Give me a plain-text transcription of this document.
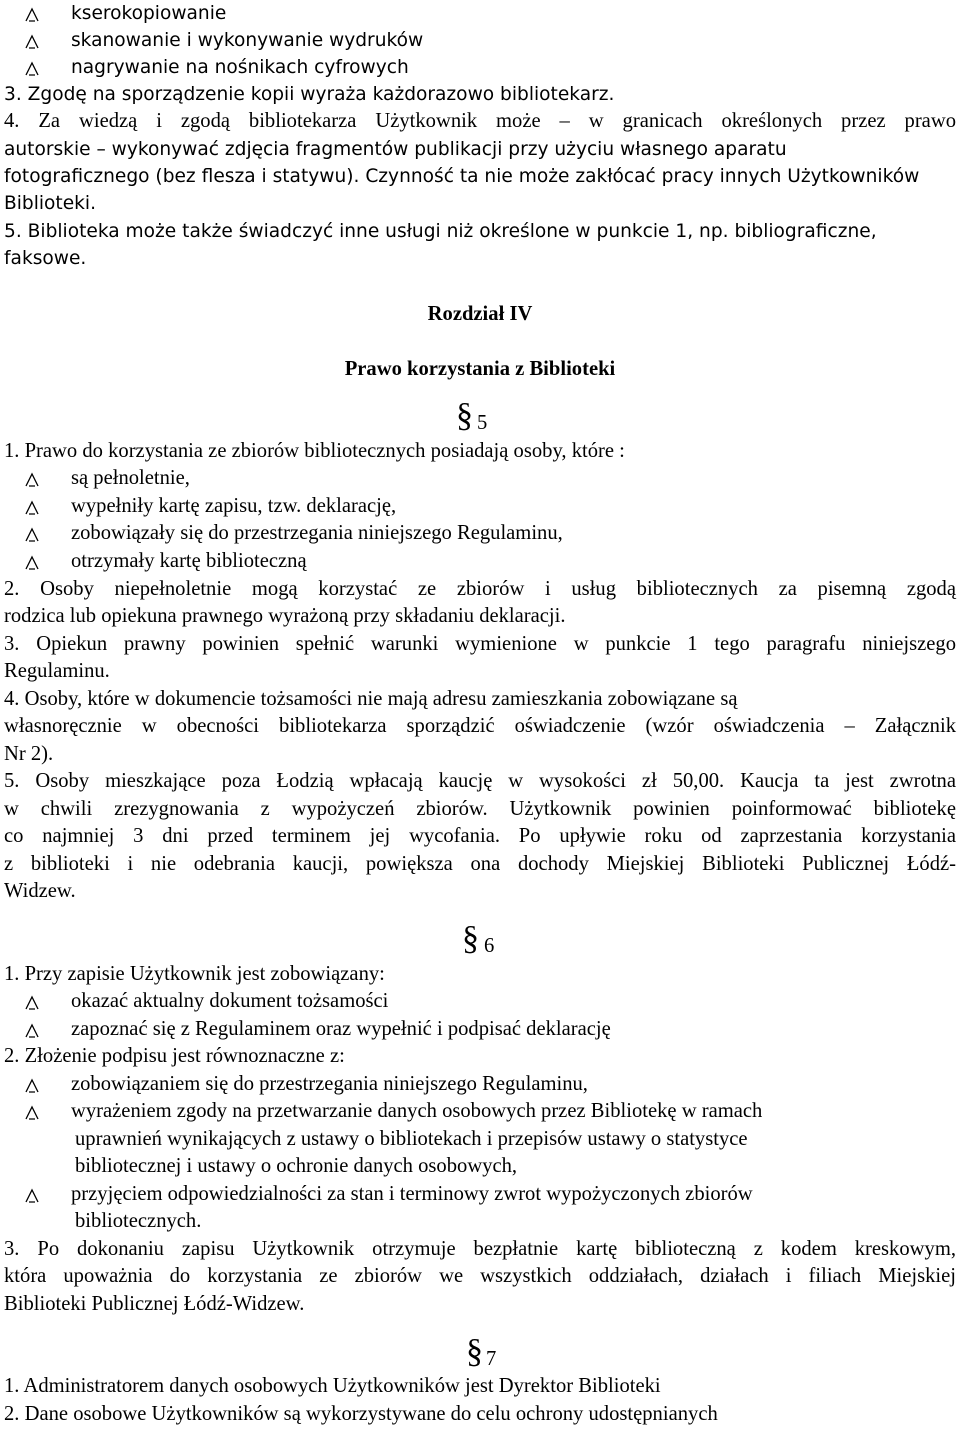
kserokopiowanie
skanowanie i wykonywanie wydruków
nagrywanie na nośnikach cyfrowych
3. Zgodę na sporządzenie kopii wyraża każdorazowo bibliotekarz.
4. Za wiedzą i zgodą bibliotekarza Użytkownik może – w granicach określonych przez prawo
autorskie – wykonywać zdjęcia fragmentów publikacji przy użyciu własnego aparatu
fotograficznego (bez flesza i statywu). Czynność ta nie może zakłócać pracy innych Użytkowników
Biblioteki.
5. Biblioteka może także świadczyć inne usługi niż określone w punkcie 1, np. bibliograficzne,
faksowe.
Rozdział IV
Prawo korzystania z Biblioteki
§ 5
1. Prawo do korzystania ze zbiorów bibliotecznych posiadają osoby, które :
są pełnoletnie,
wypełniły kartę zapisu, tzw. deklarację,
zobowiązały się do przestrzegania niniejszego Regulaminu,
otrzymały kartę biblioteczną
2. Osoby niepełnoletnie mogą korzystać ze zbiorów i usług bibliotecznych za pisemną zgodą
rodzica lub opiekuna prawnego wyrażoną przy składaniu deklaracji.
3. Opiekun prawny powinien spełnić warunki wymienione w punkcie 1 tego paragrafu niniejszego
Regulaminu.
4. Osoby, które w dokumencie tożsamości nie mają adresu zamieszkania zobowiązane są
własnoręcznie w obecności bibliotekarza sporządzić oświadczenie (wzór oświadczenia – Załącznik
Nr 2).
5. Osoby mieszkające poza Łodzią wpłacają kaucję w wysokości zł 50,00. Kaucja ta jest zwrotna
w chwili zrezygnowania z wypożyczeń zbiorów. Użytkownik powinien poinformować bibliotekę
co najmniej 3 dni przed terminem jej wycofania. Po upływie roku od zaprzestania korzystania
z biblioteki i nie odebrania kaucji, powiększa ona dochody Miejskiej Biblioteki Publicznej Łódź-
Widzew.
§ 6
1. Przy zapisie Użytkownik jest zobowiązany:
okazać aktualny dokument tożsamości
zapoznać się z Regulaminem oraz wypełnić i podpisać deklarację
2. Złożenie podpisu jest równoznaczne z:
zobowiązaniem się do przestrzegania niniejszego Regulaminu,
wyrażeniem zgody na przetwarzanie danych osobowych przez Bibliotekę w ramach
uprawnień wynikających z ustawy o bibliotekach i przepisów ustawy o statystyce
bibliotecznej i ustawy o ochronie danych osobowych,
przyjęciem odpowiedzialności za stan i terminowy zwrot wypożyczonych zbiorów
bibliotecznych.
3. Po dokonaniu zapisu Użytkownik otrzymuje bezpłatnie kartę biblioteczną z kodem kreskowym,
która upoważnia do korzystania ze zbiorów we wszystkich oddziałach, działach i filiach Miejskiej
Biblioteki Publicznej Łódź-Widzew.
§ 7
1. Administratorem danych osobowych Użytkowników jest Dyrektor Biblioteki
2. Dane osobowe Użytkowników są wykorzystywane do celu ochrony udostępnianych
